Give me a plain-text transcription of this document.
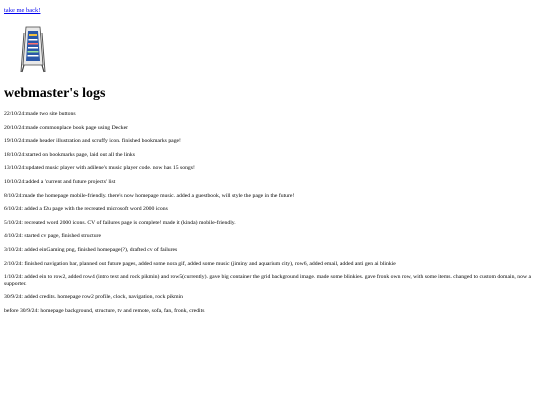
take me back!
webmaster's logs
22/10/24:made two site buttons
20/10/24:made commonplace book page using Decker
19/10/24:made header illustration and scruffy icon. finished bookmarks page!
18/10/24:started on bookmarks page, laid out all the links
13/10/24:updated music player with adilene's music player code. now has 15 songs!
10/10/24:added a 'current and future projects' list
8/10/24:made the homepage mobile-friendly. there's now homepage music. added a guestbook, will style the page in the future!
6/10/24: added a f2u page with the recreated microsoft word 2000 icons
5/10/24: recreated word 2000 icons. CV of failures page is complete! made it (kinda) mobile-friendly.
4/10/24: started cv page, finished structure
3/10/24: added einGaming png, finished homepage(?), drafted cv of failures
2/10/24: finished navigation bar, planned out future pages, added some nora gif, added some music (jiminy and aquarium city), row6, added email, added anti gen ai blinkie
1/10/24: added ein to row2, added row4 (intro text and rock pikmin) and row5(currently). gave big container the grid background image. made some blinkies. gave fronk own row, with some items. changed to custom domain, now a supporter.
30/9/24: added credits. homepage row2 profile, clock, navigation, rock pikmin
before 30/9/24: homepage background, structure, tv and remote, sofa, fan, fronk, credits
